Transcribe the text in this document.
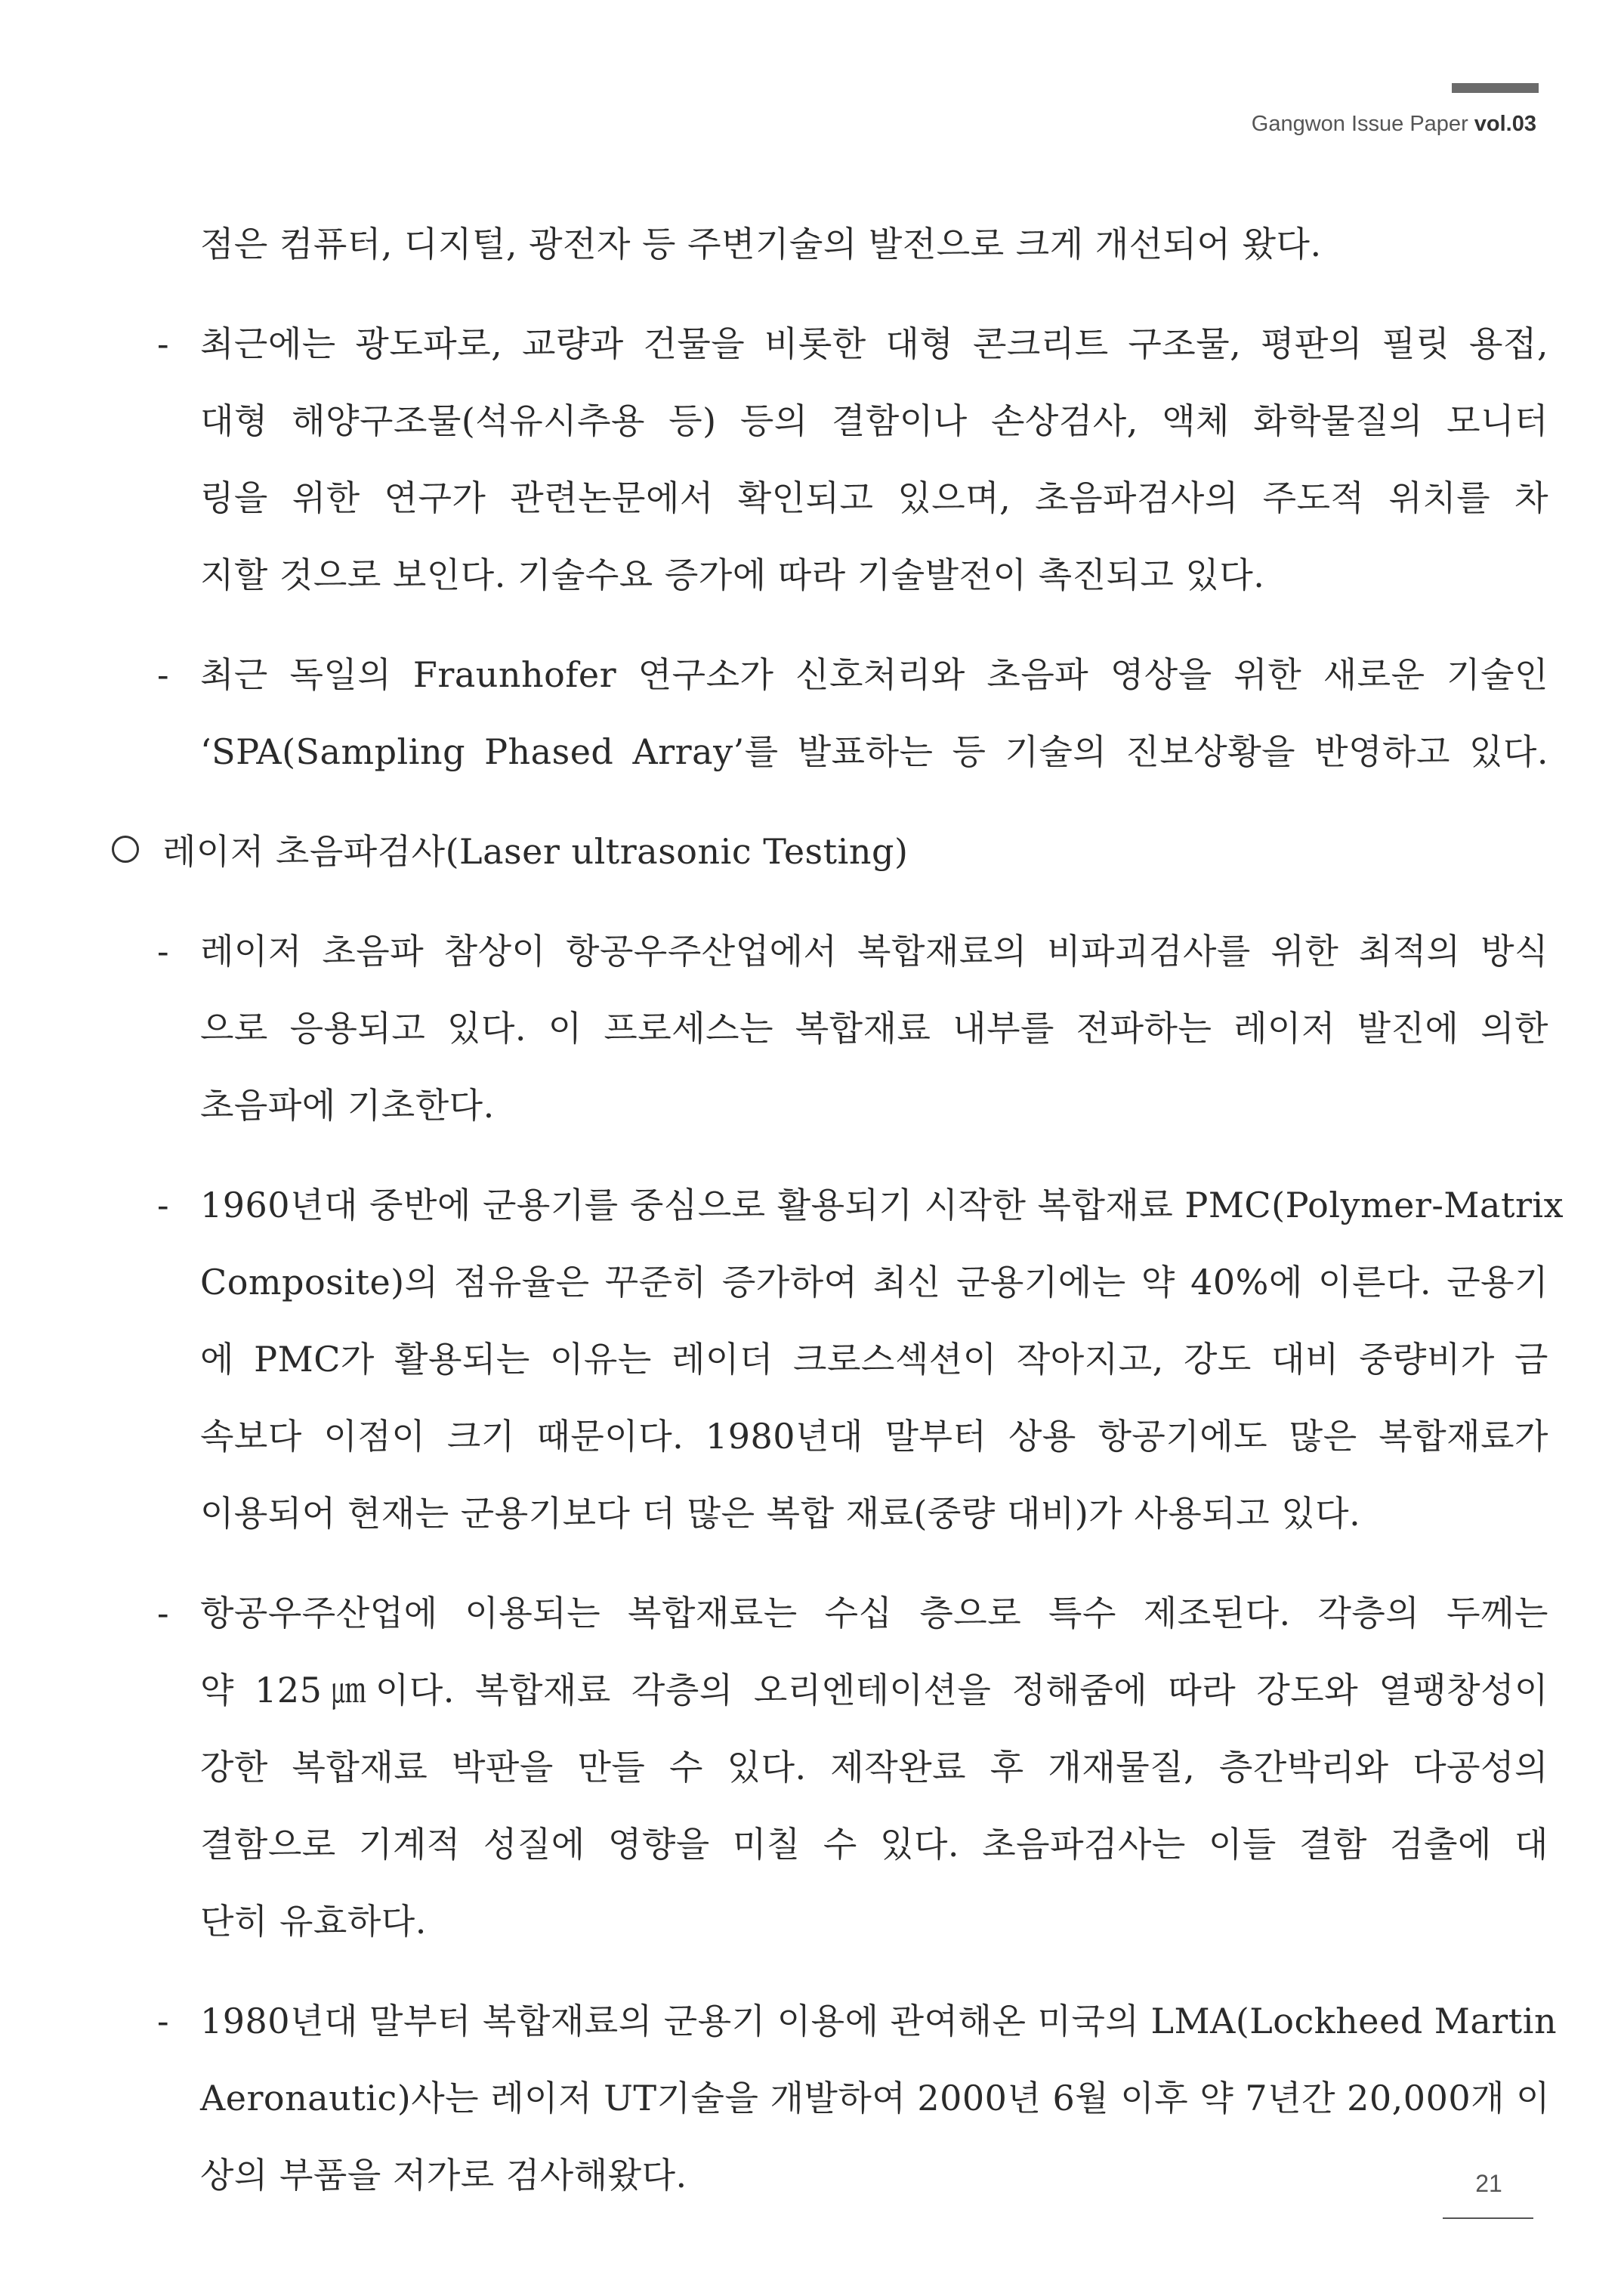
Gangwon Issue Paper vol.03
점은 컴퓨터, 디지털, 광전자 등 주변기술의 발전으로 크게 개선되어 왔다.
- 최근에는 광도파로, 교량과 건물을 비롯한 대형 콘크리트 구조물, 평판의 필릿 용접,
대형 해양구조물(석유시추용 등) 등의 결함이나 손상검사, 액체 화학물질의 모니터
링을 위한 연구가 관련논문에서 확인되고 있으며, 초음파검사의 주도적 위치를 차
지할 것으로 보인다. 기술수요 증가에 따라 기술발전이 촉진되고 있다.
- 최근 독일의 Fraunhofer 연구소가 신호처리와 초음파 영상을 위한 새로운 기술인
‘SPA(Sampling Phased Array’를 발표하는 등 기술의 진보상황을 반영하고 있다.
레이저 초음파검사(Laser ultrasonic Testing)
- 레이저 초음파 참상이 항공우주산업에서 복합재료의 비파괴검사를 위한 최적의 방식
으로 응용되고 있다. 이 프로세스는 복합재료 내부를 전파하는 레이저 발진에 의한
초음파에 기초한다.
- 1960년대 중반에 군용기를 중심으로 활용되기 시작한 복합재료 PMC(Polymer-Matrix
Composite)의 점유율은 꾸준히 증가하여 최신 군용기에는 약 40%에 이른다. 군용기
에 PMC가 활용되는 이유는 레이더 크로스섹션이 작아지고, 강도 대비 중량비가 금
속보다 이점이 크기 때문이다. 1980년대 말부터 상용 항공기에도 많은 복합재료가
이용되어 현재는 군용기보다 더 많은 복합 재료(중량 대비)가 사용되고 있다.
- 항공우주산업에 이용되는 복합재료는 수십 층으로 특수 제조된다. 각층의 두께는
약 125㎛이다. 복합재료 각층의 오리엔테이션을 정해줌에 따라 강도와 열팽창성이
강한 복합재료 박판을 만들 수 있다. 제작완료 후 개재물질, 층간박리와 다공성의
결함으로 기계적 성질에 영향을 미칠 수 있다. 초음파검사는 이들 결함 검출에 대
단히 유효하다.
- 1980년대 말부터 복합재료의 군용기 이용에 관여해온 미국의 LMA(Lockheed Martin
Aeronautic)사는 레이저 UT기술을 개발하여 2000년 6월 이후 약 7년간 20,000개 이
상의 부품을 저가로 검사해왔다.	21
